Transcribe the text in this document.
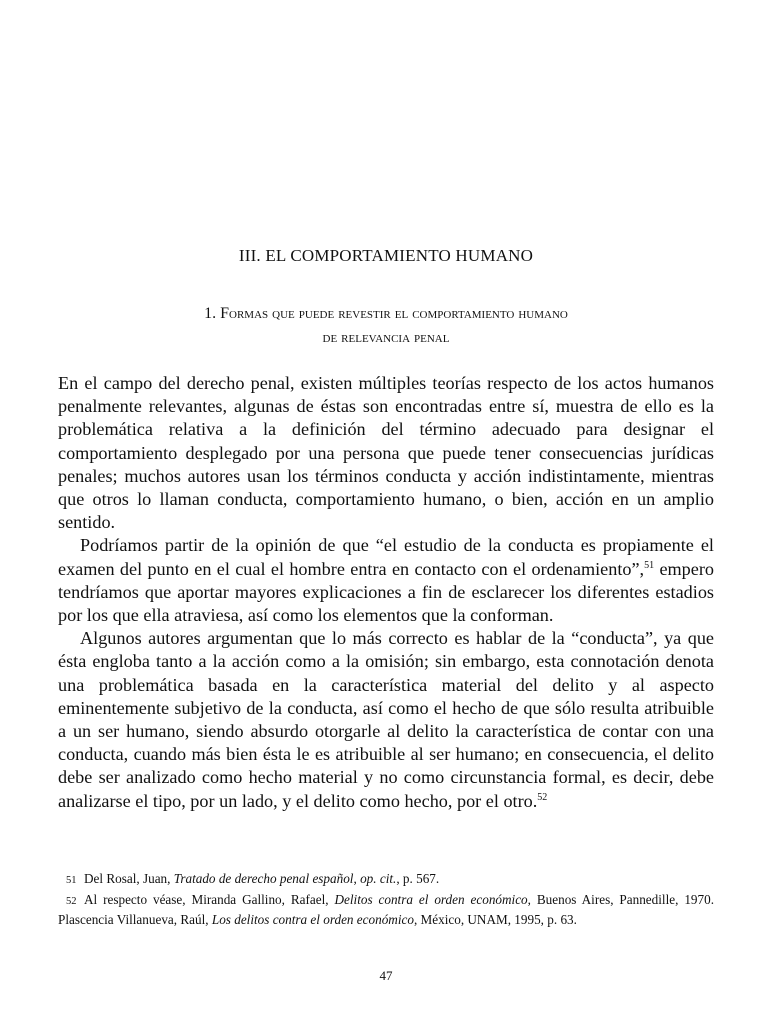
III. EL COMPORTAMIENTO HUMANO
1. Formas que puede revestir el comportamiento humano
de relevancia penal

En el campo del derecho penal, existen múltiples teorías respecto de los actos humanos penalmente relevantes, algunas de éstas son encontradas entre sí, muestra de ello es la problemática relativa a la definición del término adecuado para designar el comportamiento desplegado por una persona que puede tener consecuencias jurídicas penales; muchos autores usan los términos conducta y acción indistintamente, mientras que otros lo llaman conducta, comportamiento humano, o bien, acción en un amplio sentido.

Podríamos partir de la opinión de que “el estudio de la conducta es propiamente el examen del punto en el cual el hombre entra en contacto con el ordenamiento”,$^{51}$ empero tendríamos que aportar mayores explicaciones a fin de esclarecer los diferentes estadios por los que ella atraviesa, así como los elementos que la conforman.

Algunos autores argumentan que lo más correcto es hablar de la “conducta”, ya que ésta engloba tanto a la acción como a la omisión; sin embargo, esta connotación denota una problemática basada en la característica material del delito y al aspecto eminentemente subjetivo de la conducta, así como el hecho de que sólo resulta atribuible a un ser humano, siendo absurdo otorgarle al delito la característica de contar con una conducta, cuando más bien ésta le es atribuible al ser humano; en consecuencia, el delito debe ser analizado como hecho material y no como circunstancia formal, es decir, debe analizarse el tipo, por un lado, y el delito como hecho, por el otro.$^{52}$

51 Del Rosal, Juan, Tratado de derecho penal español, op. cit., p. 567.

52 Al respecto véase, Miranda Gallino, Rafael, Delitos contra el orden económico, Buenos Aires, Pannedille, 1970. Plascencia Villanueva, Raúl, Los delitos contra el orden económico, México, UNAM, 1995, p. 63.

47
